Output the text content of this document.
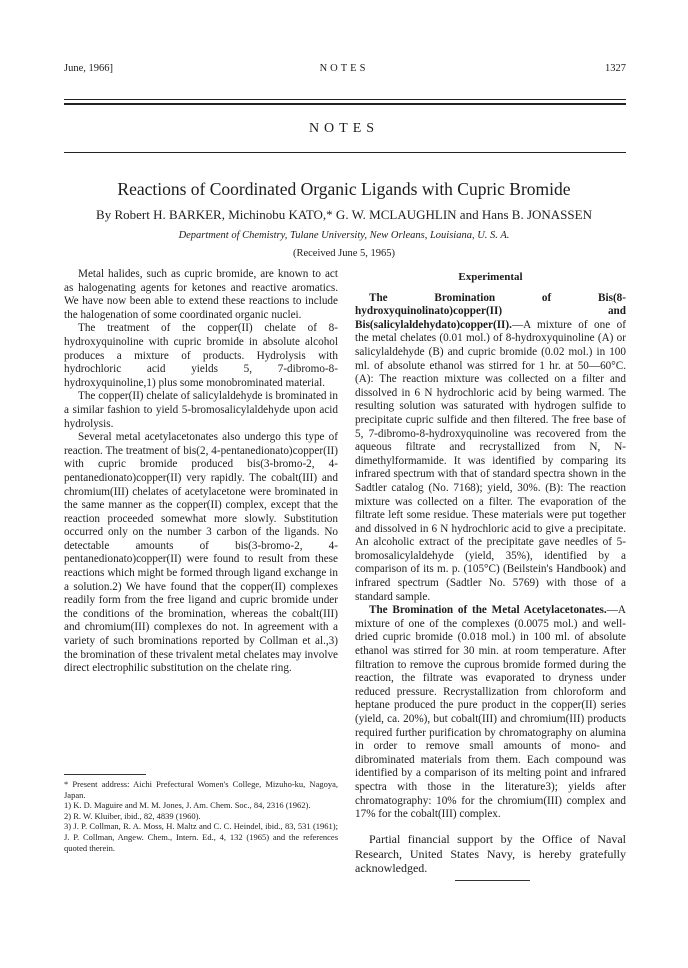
June, 1966]	NOTES	1327
NOTES
Reactions of Coordinated Organic Ligands with Cupric Bromide
By Robert H. BARKER, Michinobu KATO,* G. W. MCLAUGHLIN and Hans B. JONASSEN
Department of Chemistry, Tulane University, New Orleans, Louisiana, U. S. A.
(Received June 5, 1965)

Metal halides, such as cupric bromide, are known to act as halogenating agents for ketones and reactive aromatics. We have now been able to extend these reactions to include the halogenation of some coordinated organic nuclei.

The treatment of the copper(II) chelate of 8-hydroxyquinoline with cupric bromide in absolute alcohol produces a mixture of products. Hydrolysis with hydrochloric acid yields 5, 7-dibromo-8-hydroxyquinoline,1) plus some monobrominated material.

The copper(II) chelate of salicylaldehyde is brominated in a similar fashion to yield 5-bromosalicylaldehyde upon acid hydrolysis.

Several metal acetylacetonates also undergo this type of reaction. The treatment of bis(2, 4-pentanedionato)copper(II) with cupric bromide produced bis(3-bromo-2, 4-pentanedionato)copper(II) very rapidly. The cobalt(III) and chromium(III) chelates of acetylacetone were brominated in the same manner as the copper(II) complex, except that the reaction proceeded somewhat more slowly. Substitution occurred only on the number 3 carbon of the ligands. No detectable amounts of bis(3-bromo-2, 4-pentanedionato)copper(II) were found to result from these reactions which might be formed through ligand exchange in a solution.2) We have found that the copper(II) complexes readily form from the free ligand and cupric bromide under the conditions of the bromination, whereas the cobalt(III) and chromium(III) complexes do not. In agreement with a variety of such brominations reported by Collman et al.,3) the bromination of these trivalent metal chelates may involve direct electrophilic substitution on the chelate ring.

* Present address: Aichi Prefectural Women's College, Mizuho-ku, Nagoya, Japan.

1) K. D. Maguire and M. M. Jones, J. Am. Chem. Soc., 84, 2316 (1962).

2) R. W. Kluiber, ibid., 82, 4839 (1960).

3) J. P. Collman, R. A. Moss, H. Maltz and C. C. Heindel, ibid., 83, 531 (1961); J. P. Collman, Angew. Chem., Intern. Ed., 4, 132 (1965) and the references quoted therein.

Experimental

The Bromination of Bis(8-hydroxyquinolinato)copper(II) and Bis(salicylaldehydato)copper(II).—A mixture of one of the metal chelates (0.01 mol.) of 8-hydroxyquinoline (A) or salicylaldehyde (B) and cupric bromide (0.02 mol.) in 100 ml. of absolute ethanol was stirred for 1 hr. at 50—60°C. (A): The reaction mixture was collected on a filter and dissolved in 6 N hydrochloric acid by being warmed. The resulting solution was saturated with hydrogen sulfide to precipitate cupric sulfide and then filtered. The free base of 5, 7-dibromo-8-hydroxyquinoline was recovered from the aqueous filtrate and recrystallized from N, N-dimethylformamide. It was identified by comparing its infrared spectrum with that of standard spectra shown in the Sadtler catalog (No. 7168); yield, 30%. (B): The reaction mixture was collected on a filter. The evaporation of the filtrate left some residue. These materials were put together and dissolved in 6 N hydrochloric acid to give a precipitate. An alcoholic extract of the precipitate gave needles of 5-bromosalicylaldehyde (yield, 35%), identified by a comparison of its m. p. (105°C) (Beilstein's Handbook) and infrared spectrum (Sadtler No. 5769) with those of a standard sample.

The Bromination of the Metal Acetylacetonates.—A mixture of one of the complexes (0.0075 mol.) and well-dried cupric bromide (0.018 mol.) in 100 ml. of absolute ethanol was stirred for 30 min. at room temperature. After filtration to remove the cuprous bromide formed during the reaction, the filtrate was evaporated to dryness under reduced pressure. Recrystallization from chloroform and heptane produced the pure product in the copper(II) series (yield, ca. 20%), but cobalt(III) and chromium(III) products required further purification by chromatography on alumina in order to remove small amounts of mono- and dibrominated materials from them. Each compound was identified by a comparison of its melting point and infrared spectra with those in the literature3); yields after chromatography: 10% for the chromium(III) complex and 17% for the cobalt(III) complex.

Partial financial support by the Office of Naval Research, United States Navy, is hereby gratefully acknowledged.
